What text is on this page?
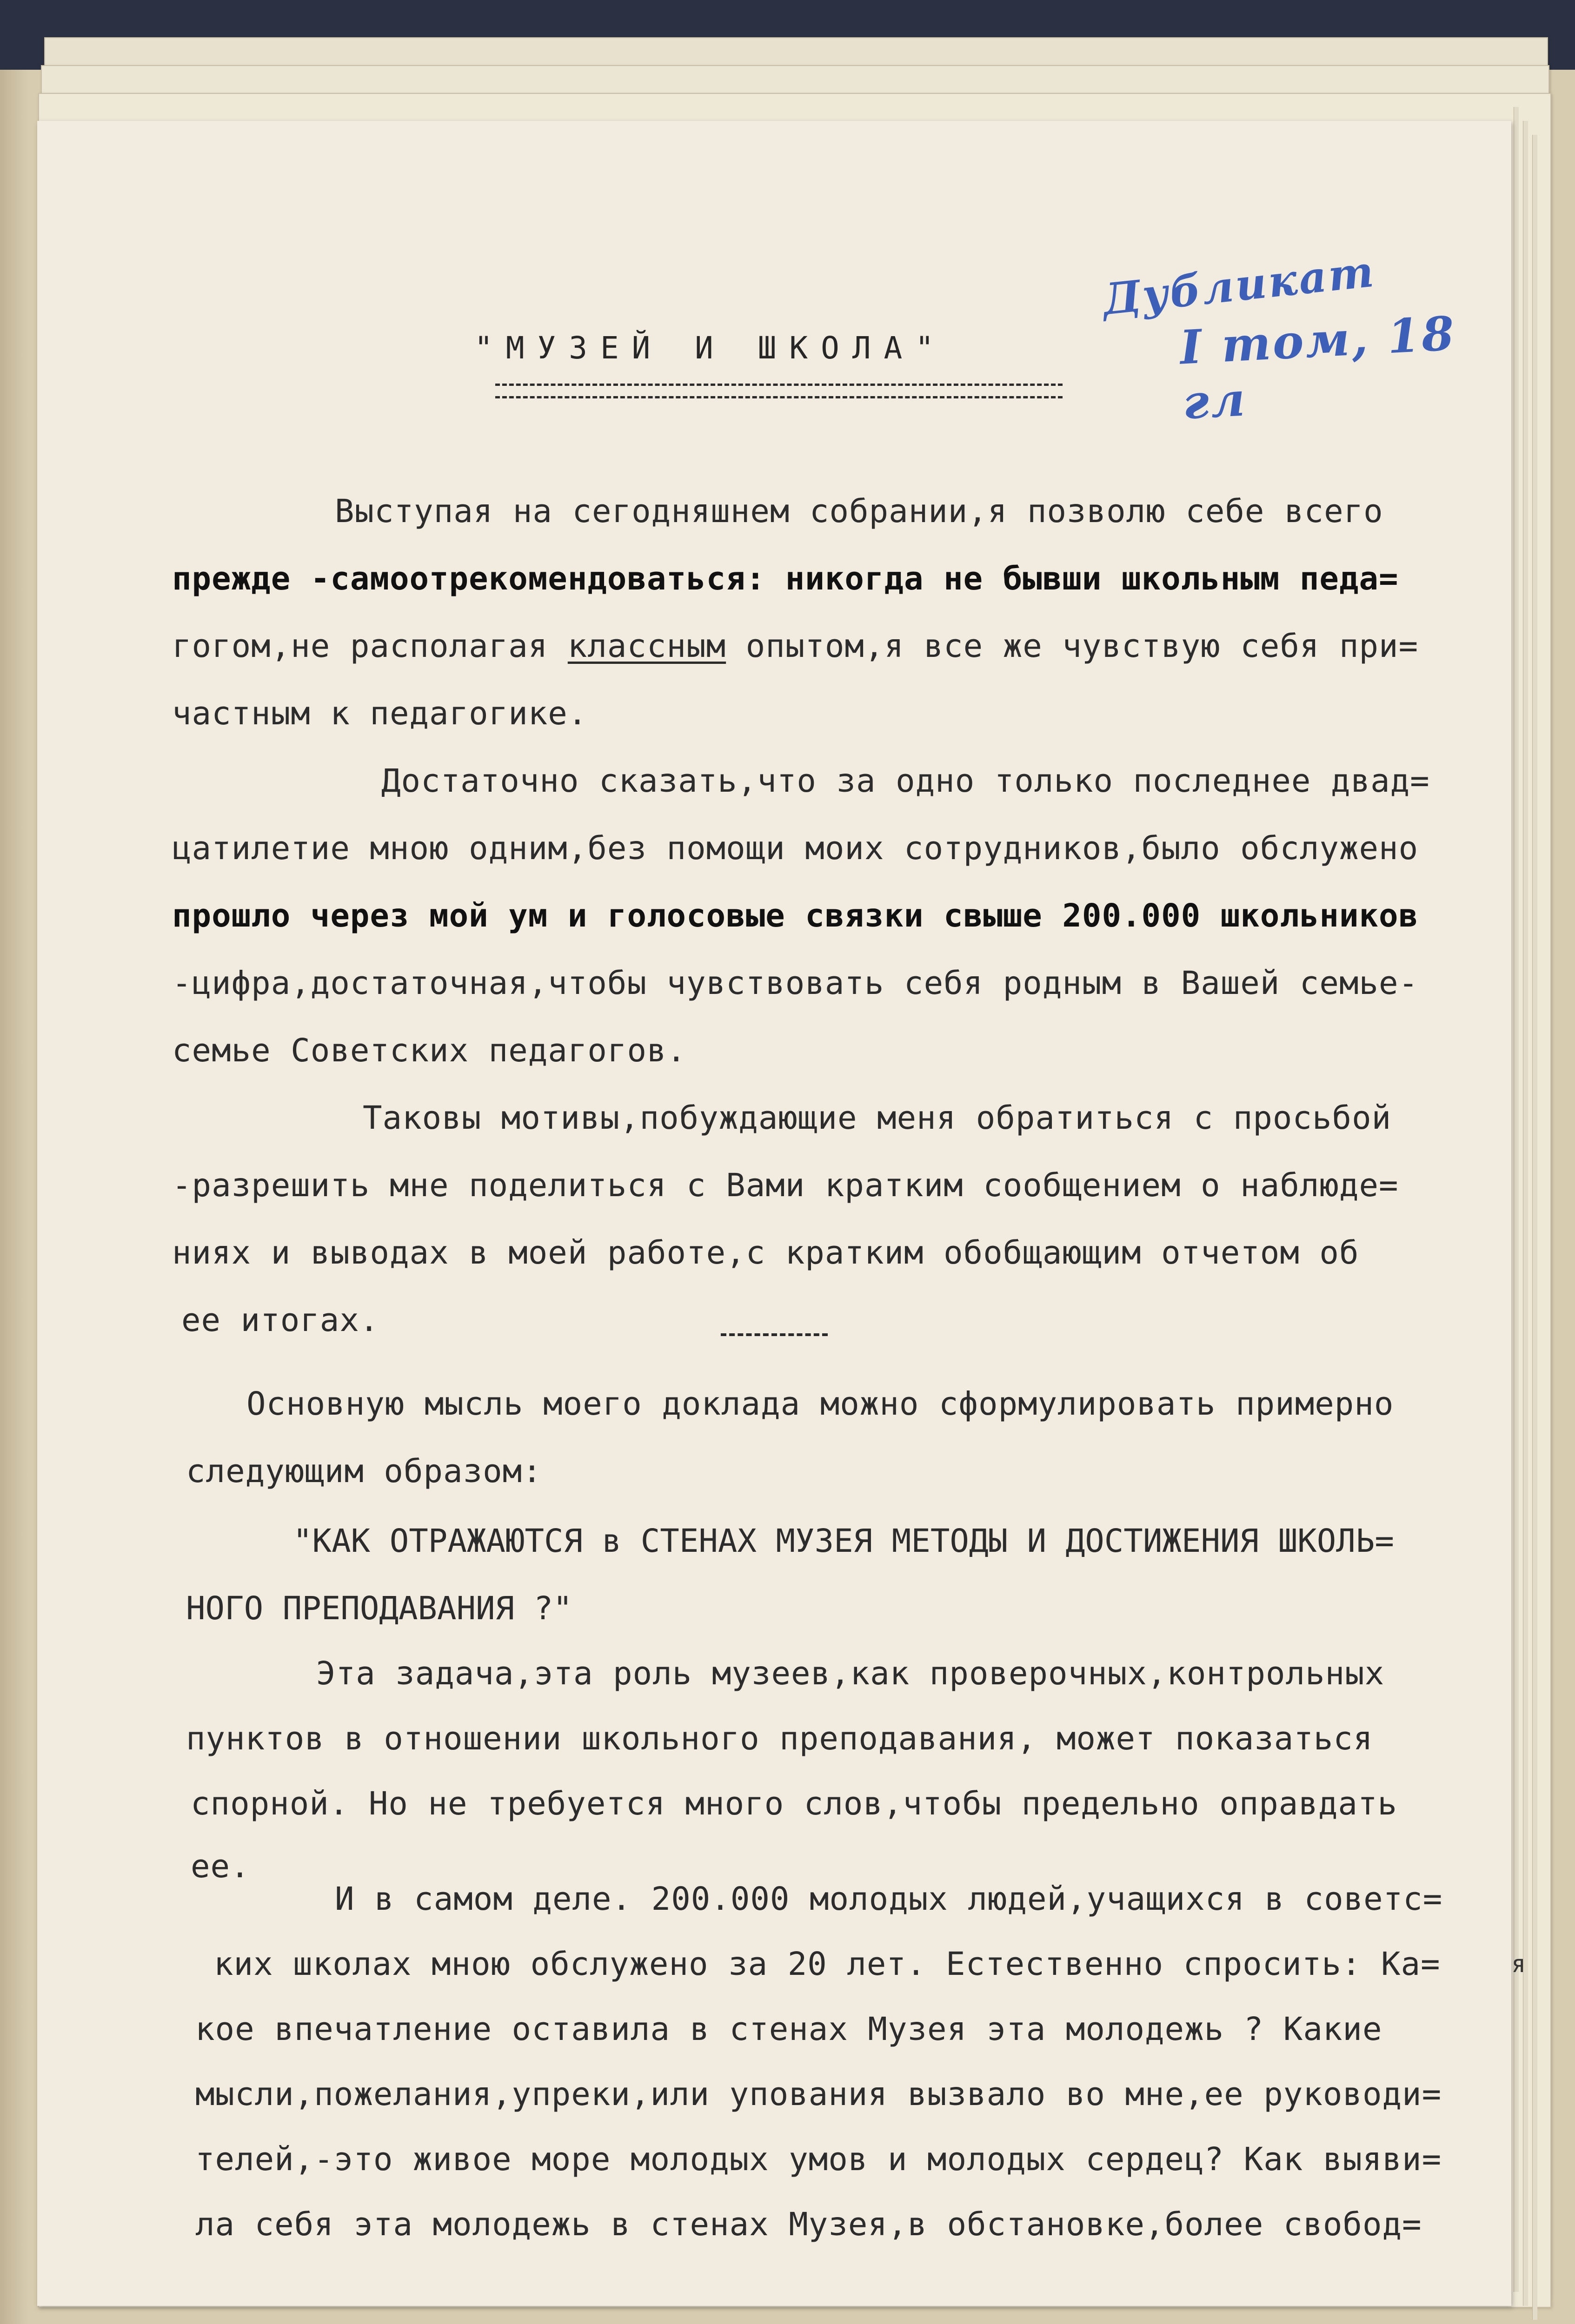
Дубликат
I том, 18 гл
"МУЗЕЙ И ШКОЛА"
Выступая на сегодняшнем собрании,я позволю себе всего
прежде -самоотрекомендоваться: никогда не бывши школьным педа=
гогом,не располагая классным опытом,я все же чувствую себя при=
частным к педагогике.
Достаточно сказать,что за одно только последнее двад=
цатилетие мною одним,без помощи моих сотрудников,было обслужено
прошло через мой ум и голосовые связки свыше 200.000 школьников
-цифра,достаточная,чтобы чувствовать себя родным в Вашей семье-
семье Советских педагогов.
Таковы мотивы,побуждающие меня обратиться с просьбой
-разрешить мне поделиться с Вами кратким сообщением о наблюде=
ниях и выводах в моей работе,с кратким обобщающим отчетом об
ее итогах.
Основную мысль моего доклада можно сформулировать примерно
следующим образом:
"КАК ОТРАЖАЮТСЯ в СТЕНАХ МУЗЕЯ МЕТОДЫ И ДОСТИЖЕНИЯ ШКОЛЬ=
НОГО ПРЕПОДАВАНИЯ ?"
Эта задача,эта роль музеев,как проверочных,контрольных
пунктов в отношении школьного преподавания, может показаться
спорной. Но не требуется много слов,чтобы предельно оправдать
ее.
И в самом деле. 200.000 молодых людей,учащихся в советс=
ких школах мною обслужено за 20 лет. Естественно спросить: Ка=
кое впечатление оставила в стенах Музея эта молодежь ? Какие
мысли,пожелания,упреки,или упования вызвало во мне,ее руководи=
телей,-это живое море молодых умов и молодых сердец? Как выяви=
ла себя эта молодежь в стенах Музея,в обстановке,более свобод=
я
